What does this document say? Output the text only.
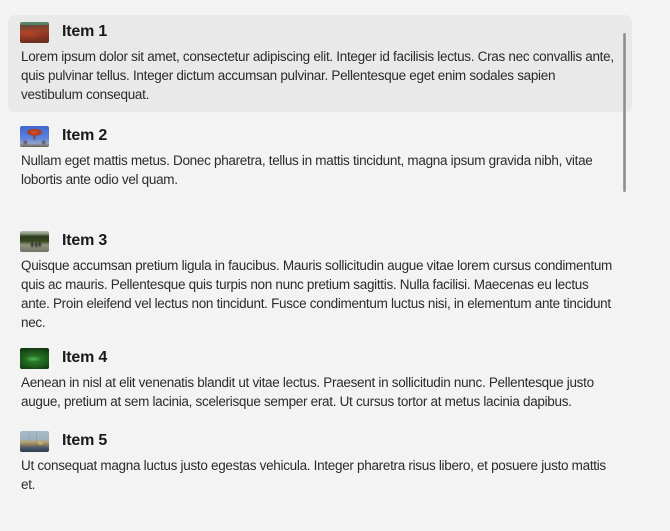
Item 1
Lorem ipsum dolor sit amet, consectetur adipiscing elit. Integer id facilisis lectus. Cras nec convallis ante, quis pulvinar tellus. Integer dictum accumsan pulvinar. Pellentesque eget enim sodales sapien vestibulum consequat.
Item 2
Nullam eget mattis metus. Donec pharetra, tellus in mattis tincidunt, magna ipsum gravida nibh, vitae lobortis ante odio vel quam.
Item 3
Quisque accumsan pretium ligula in faucibus. Mauris sollicitudin augue vitae lorem cursus condimentum quis ac mauris. Pellentesque quis turpis non nunc pretium sagittis. Nulla facilisi. Maecenas eu lectus ante. Proin eleifend vel lectus non tincidunt. Fusce condimentum luctus nisi, in elementum ante tincidunt nec.
Item 4
Aenean in nisl at elit venenatis blandit ut vitae lectus. Praesent in sollicitudin nunc. Pellentesque justo augue, pretium at sem lacinia, scelerisque semper erat. Ut cursus tortor at metus lacinia dapibus.
Item 5
Ut consequat magna luctus justo egestas vehicula. Integer pharetra risus libero, et posuere justo mattis et.
